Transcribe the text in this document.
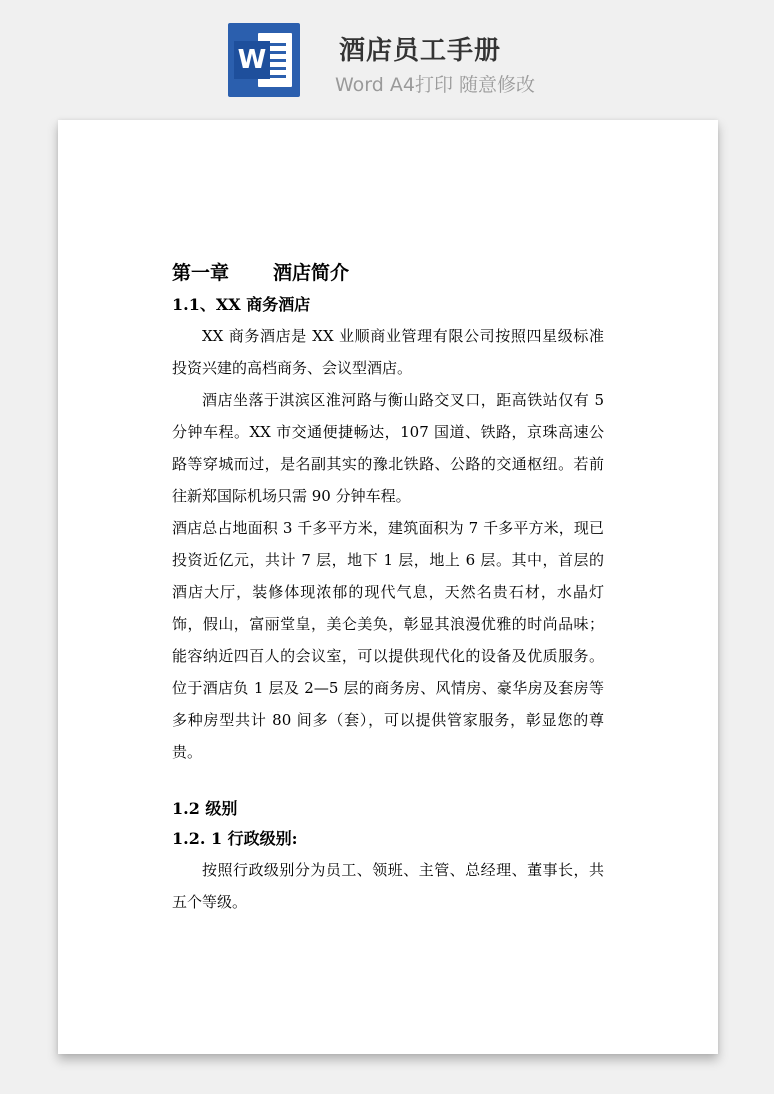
W	酒店员工手册
Word A4打印 随意修改
第一章 酒店简介
1.1、XX 商务酒店

XX 商务酒店是 XX 业顺商业管理有限公司按照四星级标准投资兴建的高档商务、会议型酒店。

酒店坐落于淇滨区淮河路与衡山路交叉口，距高铁站仅有 5 分钟车程。XX 市交通便捷畅达，107 国道、铁路，京珠高速公路等穿城而过，是名副其实的豫北铁路、公路的交通枢纽。若前往新郑国际机场只需 90 分钟车程。

酒店总占地面积 3 千多平方米，建筑面积为 7 千多平方米，现已投资近亿元，共计 7 层，地下 1 层，地上 6 层。其中，首层的酒店大厅，装修体现浓郁的现代气息，天然名贵石材，水晶灯饰，假山，富丽堂皇，美仑美奂，彰显其浪漫优雅的时尚品味；能容纳近四百人的会议室，可以提供现代化的设备及优质服务。位于酒店负 1 层及 2—5 层的商务房、风情房、豪华房及套房等多种房型共计 80 间多（套），可以提供管家服务，彰显您的尊贵。

1.2 级别
1.2. 1 行政级别:

按照行政级别分为员工、领班、主管、总经理、董事长，共五个等级。
